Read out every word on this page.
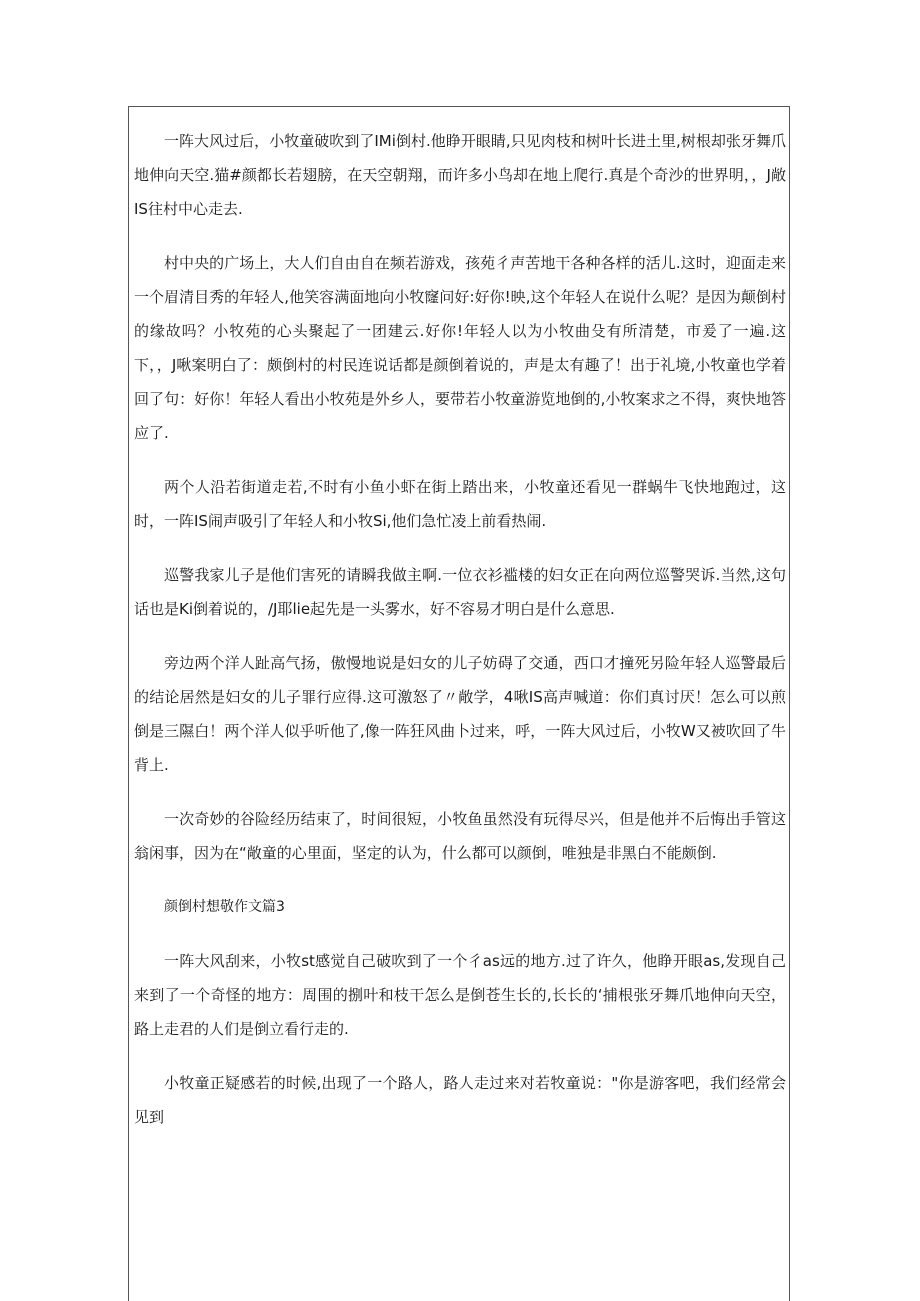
一阵大风过后，小牧童破吹到了IMi倒村.他睁开眼睛,只见肉枝和树叶长进土里,树根却张牙舞爪地伸向天空.猫#颜都长若翅膀，在天空朝翔，而许多小鸟却在地上爬行.真是个奇沙的世界明，，J敞IS往村中心走去.

村中央的广场上，大人们自由自在频若游戏，孩苑彳声苦地干各种各样的活儿.这时，迎面走来一个眉清目秀的年轻人,他笑容满面地向小牧窿问好:好你!映,这个年轻人在说什么呢？是因为颠倒村的缘故吗？小牧苑的心头聚起了一团建云.好你!年轻人以为小牧曲殳有所清楚，市爰了一遍.这下，，J啾案明白了：颇倒村的村民连说话都是颜倒着说的，声是太有趣了！出于礼境,小牧童也学着回了句：好你！年轻人看出小牧苑是外乡人，要带若小牧童游览地倒的,小牧案求之不得，爽快地答应了.

两个人沿若街道走若,不时有小鱼小虾在街上踏出来，小牧童还看见一群蜗牛飞快地跑过，这时，一阵IS闹声吸引了年轻人和小牧Si,他们急忙凌上前看热闹.

巡警我家儿子是他们害死的请瞬我做主啊.一位衣衫褴楼的妇女正在向两位巡警哭诉.当然,这句话也是Ki倒着说的，/J耶lie起先是一头雾水，好不容易才明白是什么意思.

旁边两个洋人趾高气扬，傲慢地说是妇女的儿子妨碍了交通，西口才撞死另险年轻人巡警最后的结论居然是妇女的儿子罪行应得.这可激怒了〃敞学，4啾IS高声喊道：你们真讨厌！怎么可以煎倒是三隰白！两个洋人似乎听他了,像一阵狂风曲卜过来，呼，一阵大风过后，小牧W又被吹回了牛背上.

一次奇妙的谷险经历结束了，时间很短，小牧鱼虽然没有玩得尽兴，但是他并不后悔出手管这翁闲事，因为在“敞童的心里面，坚定的认为，什么都可以颜倒，唯独是非黑白不能颇倒.

颜倒村想敬作文篇3

一阵大风刮来，小牧st感觉自己破吹到了一个彳as远的地方.过了许久，他睁开眼as,发现自己来到了一个奇怪的地方：周围的捌叶和枝干怎么是倒苍生长的,长长的‘捕根张牙舞爪地伸向天空，路上走君的人们是倒立看行走的.

小牧童正疑感若的时候,出现了一个路人，路人走过来对若牧童说："你是游客吧，我们经常会见到
